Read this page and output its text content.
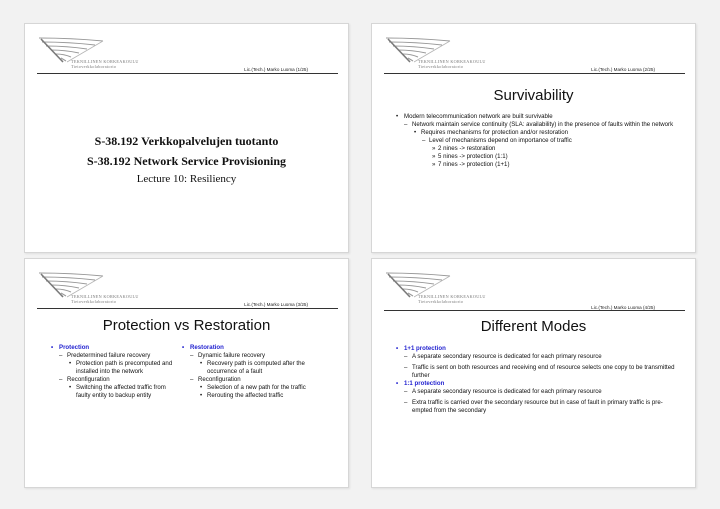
TEKNILLINEN KORKEAKOULU
Tietoverkkolaboratorio
Lic.(Tech.) Marko Luoma (1/25)
S-38.192 Verkkopalvelujen tuotanto
S-38.192 Network Service Provisioning
Lecture 10: Resiliency
TEKNILLINEN KORKEAKOULU
Tietoverkkolaboratorio
Lic.(Tech.) Marko Luoma (2/25)
Survivability
• Modern telecommunication network are built survivable
– Network maintain service continuity (SLA: availability) in the presence of faults within the network
• Requires mechanisms for protection and/or restoration
– Level of mechanisms depend on importance of traffic
» 2 nines -> restoration
» 5 nines -> protection (1:1)
» 7 nines -> protection (1+1)
TEKNILLINEN KORKEAKOULU
Tietoverkkolaboratorio
Lic.(Tech.) Marko Luoma (3/25)
Protection vs Restoration
• Protection
– Predetermined failure recovery
• Protection path is precomputed and installed into the network
– Reconfiguration
• Switching the affected traffic from faulty entity to backup entity
• Restoration
– Dynamic failure recovery
• Recovery path is computed after the occurrence of a fault
– Reconfiguration
• Selection of a new path for the traffic
• Rerouting the affected traffic
TEKNILLINEN KORKEAKOULU
Tietoverkkolaboratorio
Lic.(Tech.) Marko Luoma (4/25)
Different Modes
• 1+1 protection
– A separate secondary resource is dedicated for each primary resource
– Traffic is sent on both resources and receiving end of resource selects one copy to be transmitted further
• 1:1 protection
– A separate secondary resource is dedicated for each primary resource
– Extra traffic is carried over the secondary resource but in case of fault in primary traffic is pre-empted from the secondary
